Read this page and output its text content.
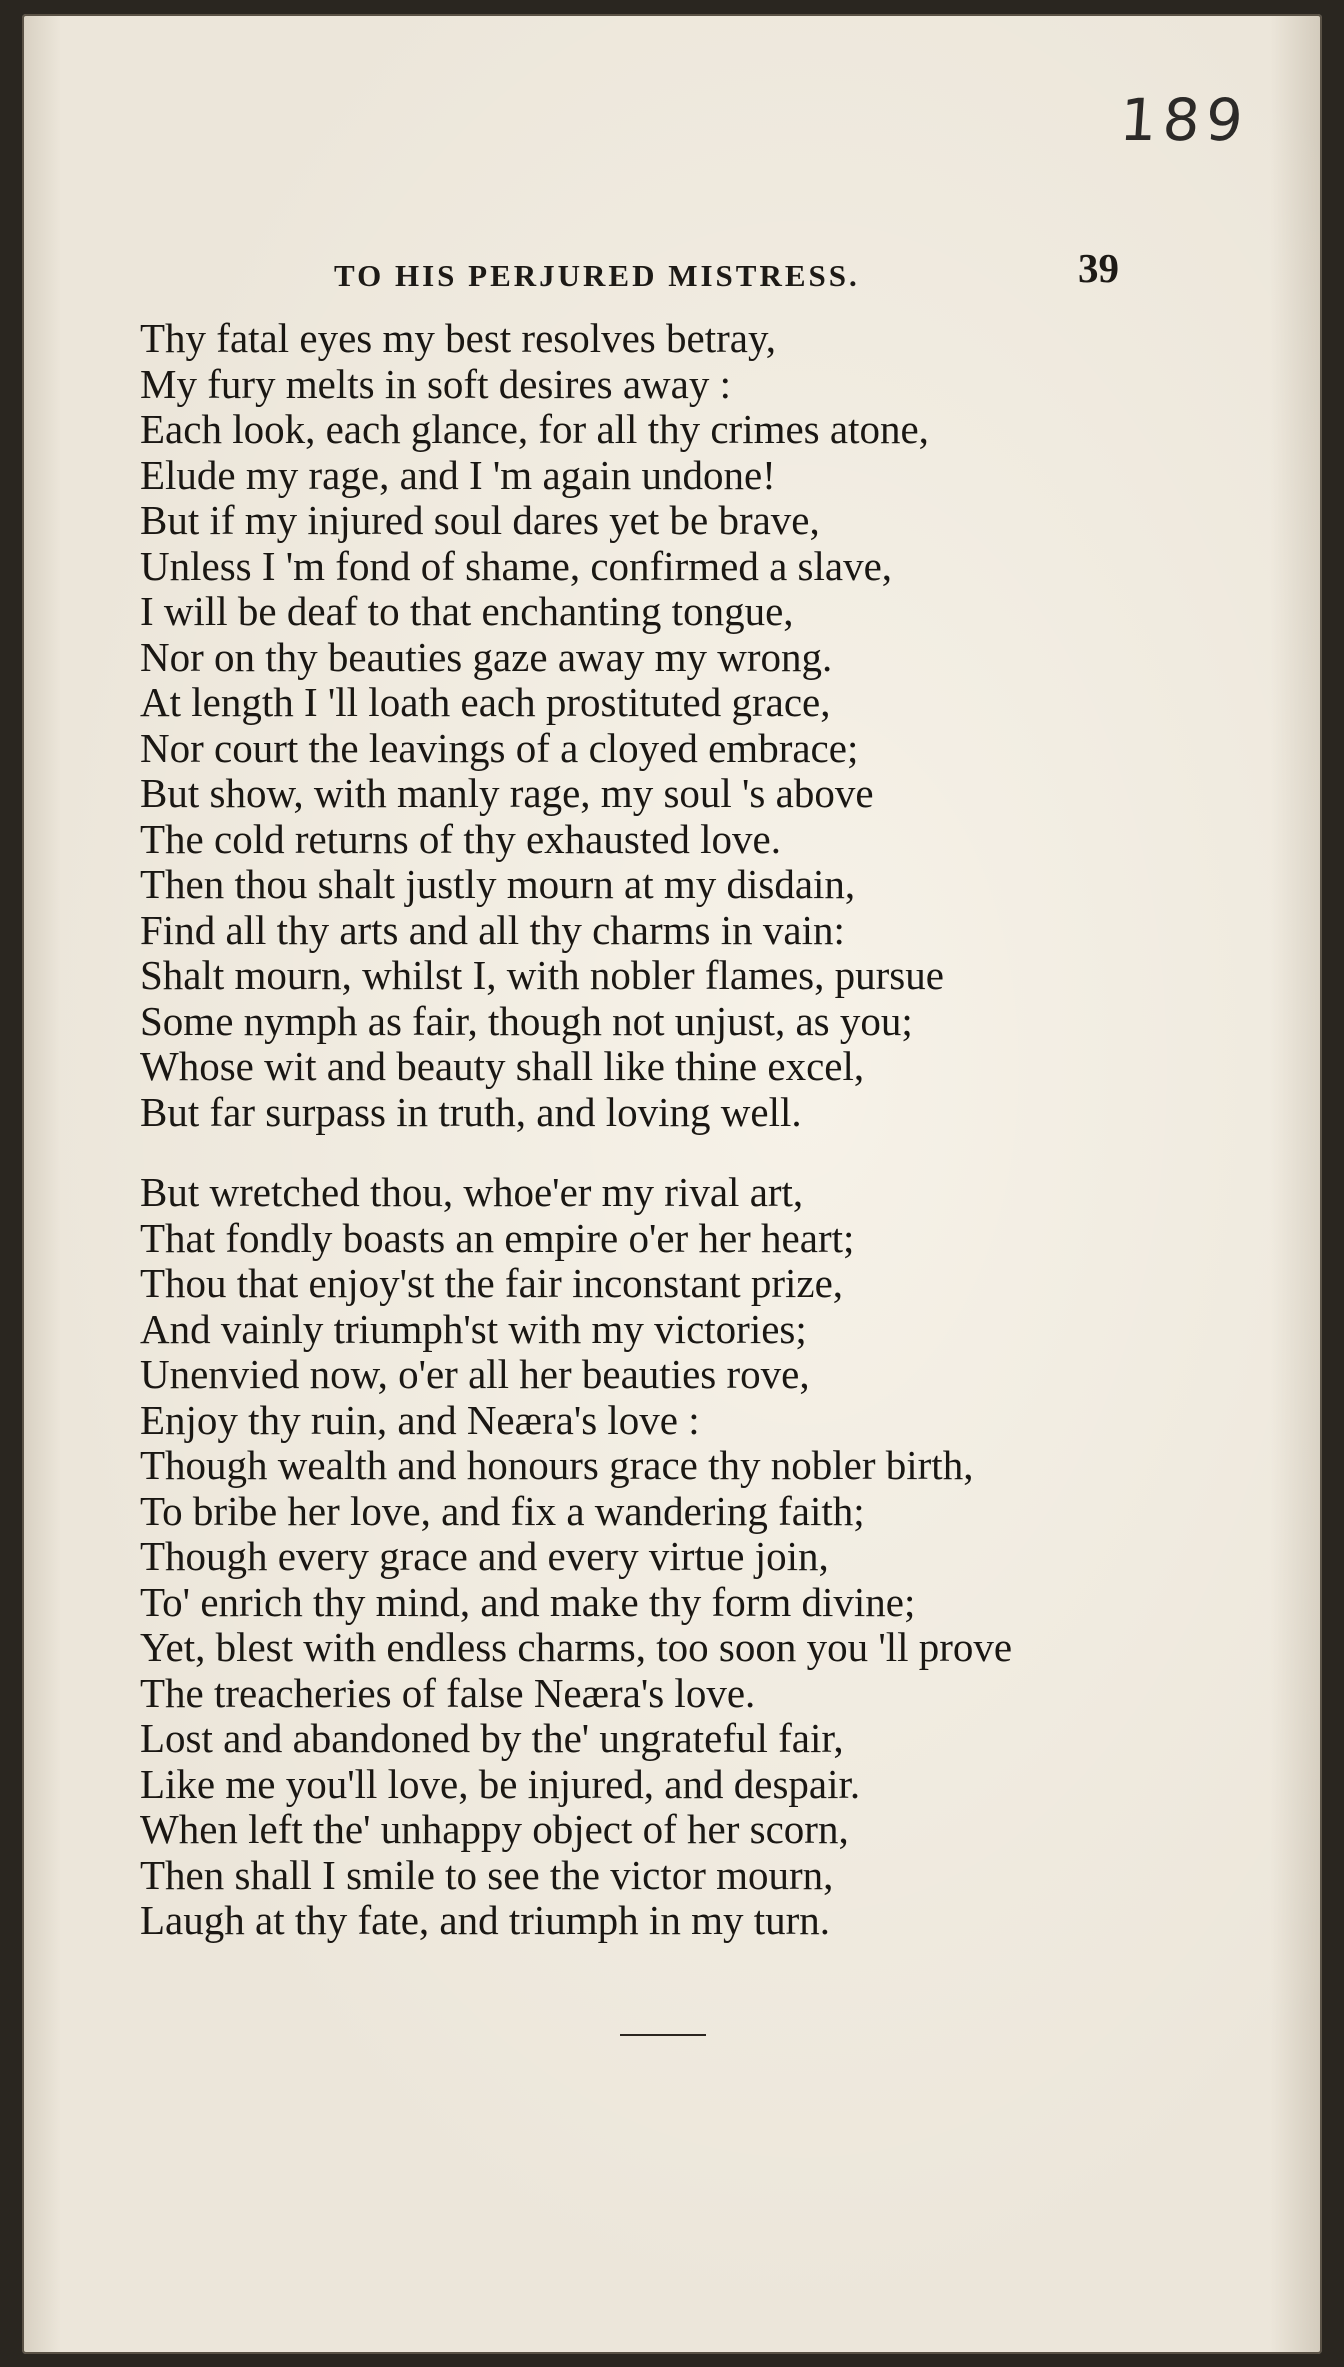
189
TO HIS PERJURED MISTRESS.	39
Thy fatal eyes my best resolves betray,
My fury melts in soft desires away :
Each look, each glance, for all thy crimes atone,
Elude my rage, and I 'm again undone!
But if my injured soul dares yet be brave,
Unless I 'm fond of shame, confirmed a slave,
I will be deaf to that enchanting tongue,
Nor on thy beauties gaze away my wrong.
At length I 'll loath each prostituted grace,
Nor court the leavings of a cloyed embrace;
But show, with manly rage, my soul 's above
The cold returns of thy exhausted love.
Then thou shalt justly mourn at my disdain,
Find all thy arts and all thy charms in vain:
Shalt mourn, whilst I, with nobler flames, pursue
Some nymph as fair, though not unjust, as you;
Whose wit and beauty shall like thine excel,
But far surpass in truth, and loving well.
But wretched thou, whoe'er my rival art,
That fondly boasts an empire o'er her heart;
Thou that enjoy'st the fair inconstant prize,
And vainly triumph'st with my victories;
Unenvied now, o'er all her beauties rove,
Enjoy thy ruin, and Neæra's love :
Though wealth and honours grace thy nobler birth,
To bribe her love, and fix a wandering faith;
Though every grace and every virtue join,
To' enrich thy mind, and make thy form divine;
Yet, blest with endless charms, too soon you 'll prove
The treacheries of false Neæra's love.
Lost and abandoned by the' ungrateful fair,
Like me you'll love, be injured, and despair.
When left the' unhappy object of her scorn,
Then shall I smile to see the victor mourn,
Laugh at thy fate, and triumph in my turn.
